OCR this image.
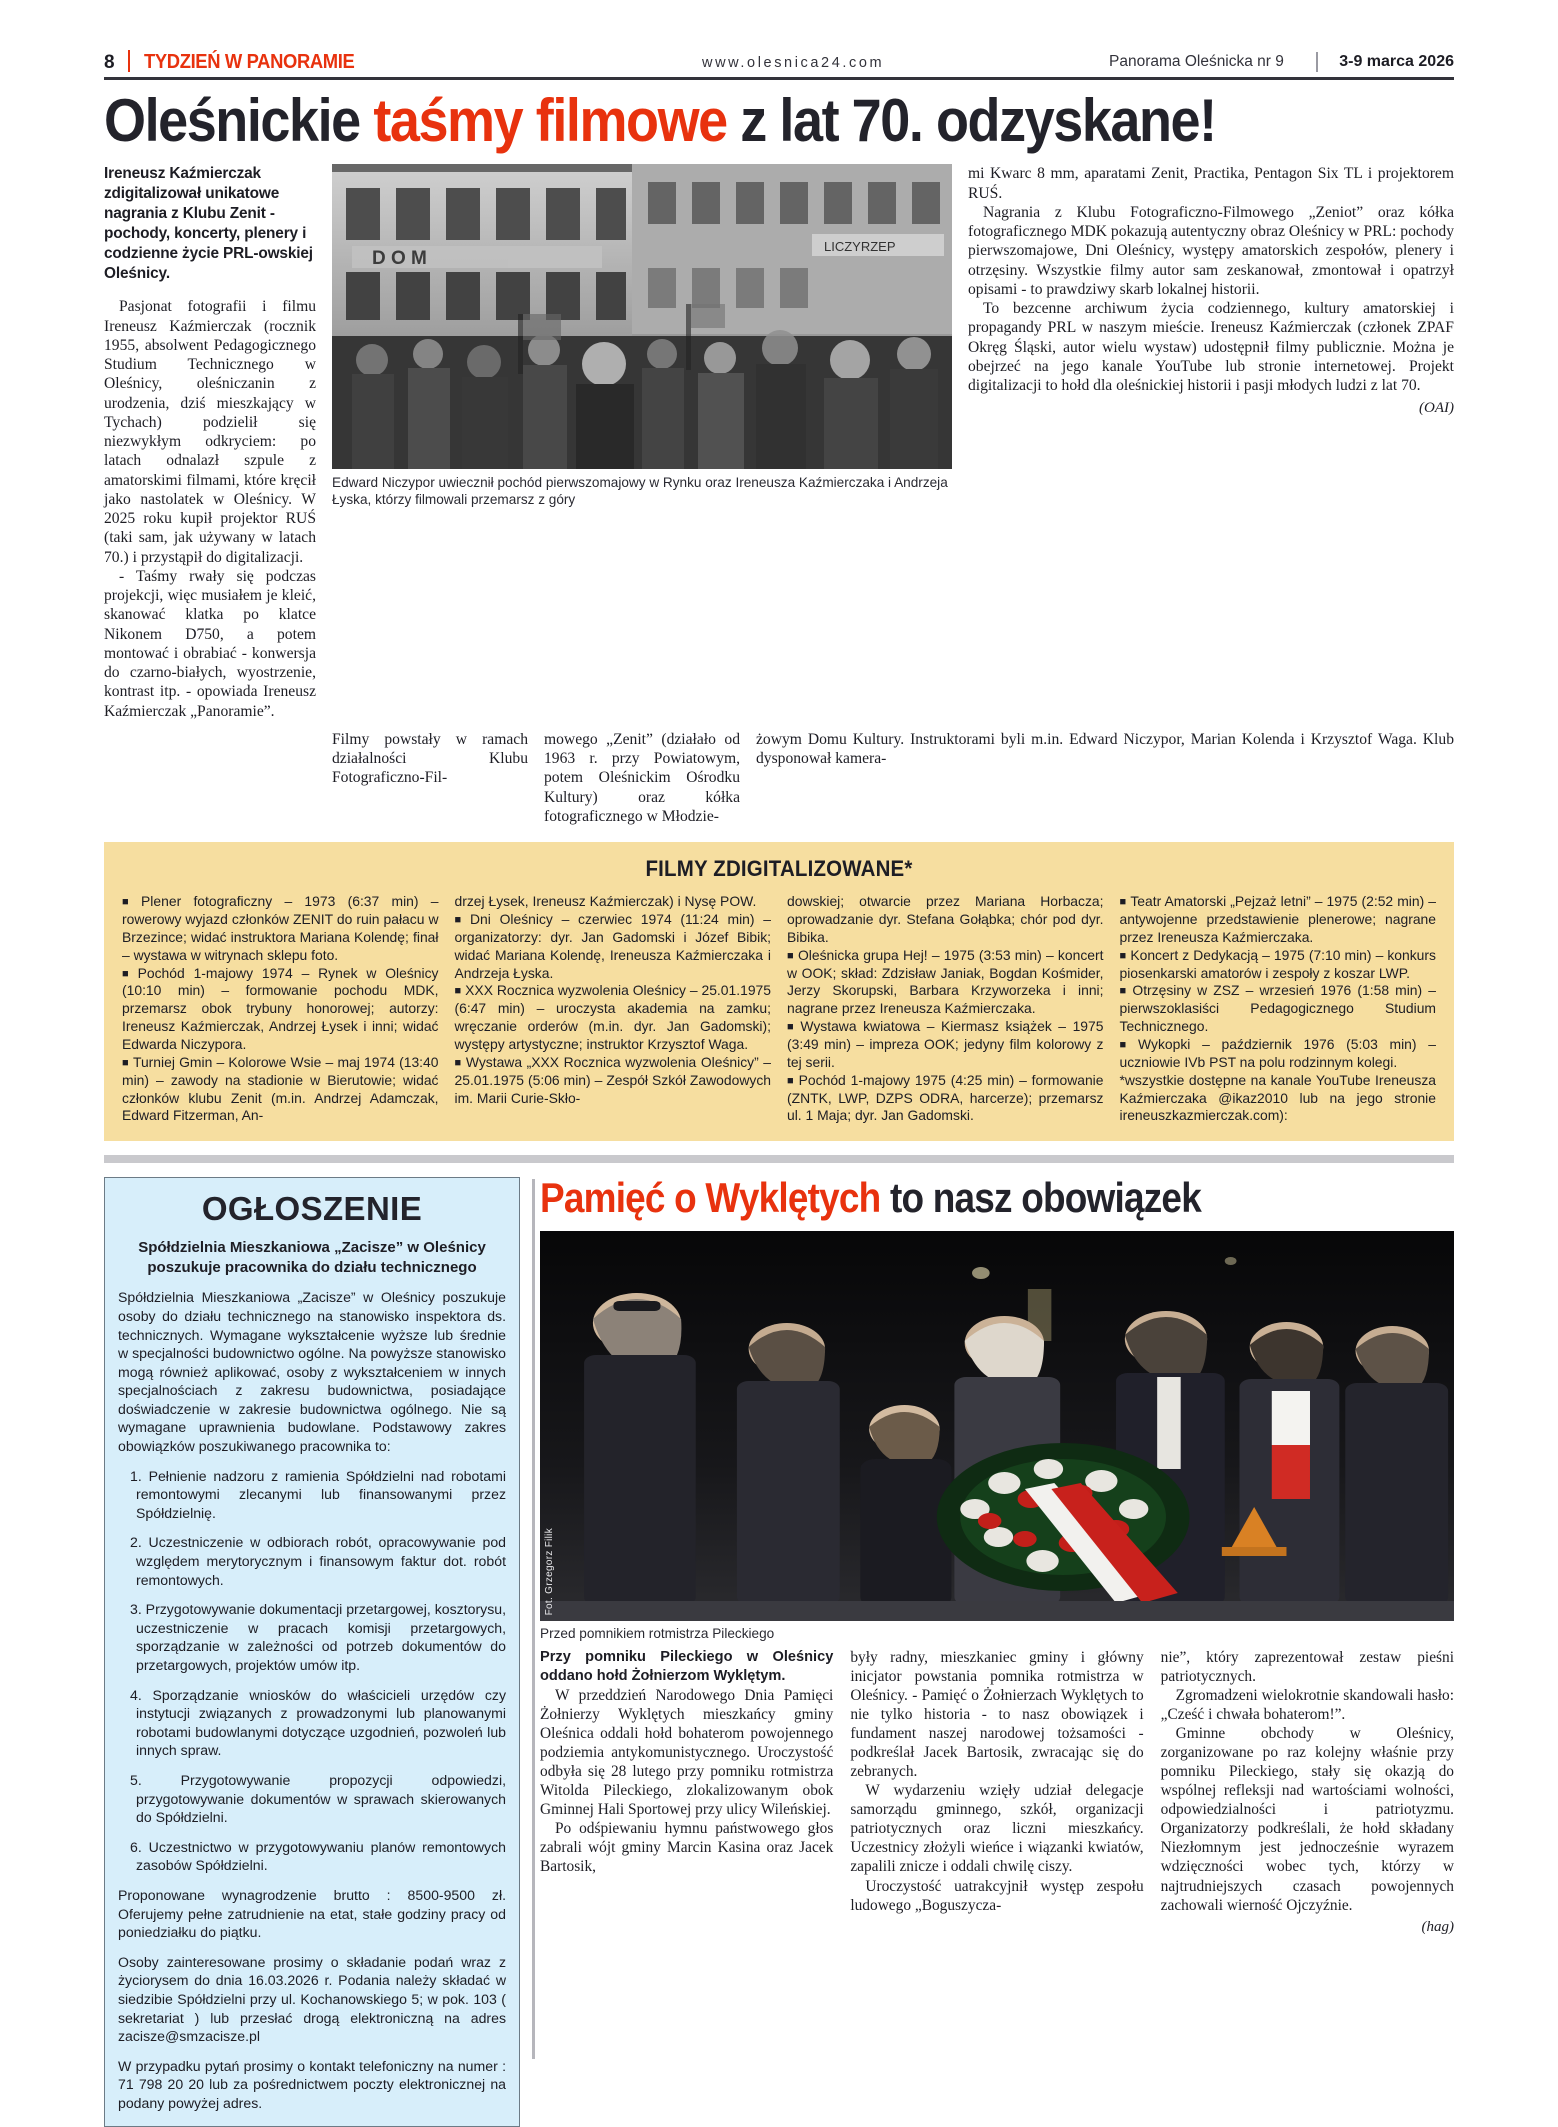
8	TYDZIEŃ W PANORAMIE	www.olesnica24.com	Panorama Oleśnicka nr 9	3-9 marca 2026
Oleśnickie taśmy filmowe z lat 70. odzyskane!
Ireneusz Kaźmierczak zdigitalizował unikatowe nagrania z Klubu Zenit - pochody, koncerty, plenery i codzienne życie PRL-owskiej Oleśnicy.

Pasjonat fotografii i filmu Ireneusz Kaźmierczak (rocznik 1955, absolwent Pedagogicznego Studium Technicznego w Oleśnicy, oleśniczanin z urodzenia, dziś mieszkający w Tychach) podzielił się niezwykłym odkryciem: po latach odnalazł szpule z amatorskimi filmami, które kręcił jako nastolatek w Oleśnicy. W 2025 roku kupił projektor RUŚ (taki sam, jak używany w latach 70.) i przystąpił do digitalizacji.

- Taśmy rwały się podczas projekcji, więc musiałem je kleić, skanować klatka po klatce Nikonem D750, a potem montować i obrabiać - konwersja do czarno-białych, wyostrzenie, kontrast itp. - opowiada Ireneusz Kaźmierczak „Panoramie”.

D O M
LICZYRZEP
Edward Niczypor uwiecznił pochód pierwszomajowy w Rynku oraz Ireneusza Kaźmierczaka i Andrzeja Łyska, którzy filmowali przemarsz z góry

mi Kwarc 8 mm, aparatami Zenit, Practika, Pentagon Six TL i projektorem RUŚ.

Nagrania z Klubu Fotograficzno-Filmowego „Zeniot” oraz kółka fotograficznego MDK pokazują autentyczny obraz Oleśnicy w PRL: pochody pierwszomajowe, Dni Oleśnicy, występy amatorskich zespołów, plenery i otrzęsiny. Wszystkie filmy autor sam zeskanował, zmontował i opatrzył opisami - to prawdziwy skarb lokalnej historii.

To bezcenne archiwum życia codziennego, kultury amatorskiej i propagandy PRL w naszym mieście. Ireneusz Kaźmierczak (członek ZPAF Okręg Śląski, autor wielu wystaw) udostępnił filmy publicznie. Można je obejrzeć na jego kanale YouTube lub stronie internetowej. Projekt digitalizacji to hołd dla oleśnickiej historii i pasji młodych ludzi z lat 70.

(OAI)

Filmy powstały w ramach działalności Klubu Fotograficzno-Fil-

mowego „Zenit” (działało od 1963 r. przy Powiatowym, potem Oleśnickim Ośrodku Kultury) oraz kółka fotograficznego w Młodzie-

żowym Domu Kultury. Instruktorami byli m.in. Edward Niczypor, Marian Kolenda i Krzysztof Waga. Klub dysponował kamera-

FILMY ZDIGITALIZOWANE*

■ Plener fotograficzny – 1973 (6:37 min) – rowerowy wyjazd członków ZENIT do ruin pałacu w Brzezince; widać instruktora Mariana Kolendę; finał – wystawa w witrynach sklepu foto.

■ Pochód 1-majowy 1974 – Rynek w Oleśnicy (10:10 min) – formowanie pochodu MDK, przemarsz obok trybuny honorowej; autorzy: Ireneusz Kaźmierczak, Andrzej Łysek i inni; widać Edwarda Niczypora.

■ Turniej Gmin – Kolorowe Wsie – maj 1974 (13:40 min) – zawody na stadionie w Bierutowie; widać członków klubu Zenit (m.in. Andrzej Adamczak, Edward Fitzerman, An-

drzej Łysek, Ireneusz Kaźmierczak) i Nysę POW.

■ Dni Oleśnicy – czerwiec 1974 (11:24 min) – organizatorzy: dyr. Jan Gadomski i Józef Bibik; widać Mariana Kolendę, Ireneusza Kaźmierczaka i Andrzeja Łyska.

■ XXX Rocznica wyzwolenia Oleśnicy – 25.01.1975 (6:47 min) – uroczysta akademia na zamku; wręczanie orderów (m.in. dyr. Jan Gadomski); występy artystyczne; instruktor Krzysztof Waga.

■ Wystawa „XXX Rocznica wyzwolenia Oleśnicy” – 25.01.1975 (5:06 min) – Zespół Szkół Zawodowych im. Marii Curie-Skło-

dowskiej; otwarcie przez Mariana Horbacza; oprowadzanie dyr. Stefana Gołąbka; chór pod dyr. Bibika.

■ Oleśnicka grupa Hej! – 1975 (3:53 min) – koncert w OOK; skład: Zdzisław Janiak, Bogdan Kośmider, Jerzy Skorupski, Barbara Krzyworzeka i inni; nagrane przez Ireneusza Kaźmierczaka.

■ Wystawa kwiatowa – Kiermasz książek – 1975 (3:49 min) – impreza OOK; jedyny film kolorowy z tej serii.

■ Pochód 1-majowy 1975 (4:25 min) – formowanie (ZNTK, LWP, DZPS ODRA, harcerze); przemarsz ul. 1 Maja; dyr. Jan Gadomski.

■ Teatr Amatorski „Pejzaż letni” – 1975 (2:52 min) – antywojenne przedstawienie plenerowe; nagrane przez Ireneusza Kaźmierczaka.

■ Koncert z Dedykacją – 1975 (7:10 min) – konkurs piosenkarski amatorów i zespoły z koszar LWP.

■ Otrzęsiny w ZSZ – wrzesień 1976 (1:58 min) – pierwszoklasiści Pedagogicznego Studium Technicznego.

■ Wykopki – październik 1976 (5:03 min) – uczniowie IVb PST na polu rodzinnym kolegi.

*wszystkie dostępne na kanale YouTube Ireneusza Kaźmierczaka @ikaz2010 lub na jego stronie ireneuszkazmierczak.com):

OGŁOSZENIE
Spółdzielnia Mieszkaniowa „Zacisze” w Oleśnicy
poszukuje pracownika do działu technicznego

Spółdzielnia Mieszkaniowa „Zacisze” w Oleśnicy poszukuje osoby do działu technicznego na stanowisko inspektora ds. technicznych. Wymagane wykształcenie wyższe lub średnie w specjalności budownictwo ogólne. Na powyższe stanowisko mogą również aplikować, osoby z wykształceniem w innych specjalnościach z zakresu budownictwa, posiadające doświadczenie w zakresie budownictwa ogólnego. Nie są wymagane uprawnienia budowlane. Podstawowy zakres obowiązków poszukiwanego pracownika to:

1. Pełnienie nadzoru z ramienia Spółdzielni nad robotami remontowymi zlecanymi lub finansowanymi przez Spółdzielnię.

2. Uczestniczenie w odbiorach robót, opracowywanie pod względem merytorycznym i finansowym faktur dot. robót remontowych.

3. Przygotowywanie dokumentacji przetargowej, kosztorysu, uczestniczenie w pracach komisji przetargowych, sporządzanie w zależności od potrzeb dokumentów do przetargowych, projektów umów itp.

4. Sporządzanie wniosków do właścicieli urzędów czy instytucji związanych z prowadzonymi lub planowanymi robotami budowlanymi dotyczące uzgodnień, pozwoleń lub innych spraw.

5. Przygotowywanie propozycji odpowiedzi, przygotowywanie dokumentów w sprawach skierowanych do Spółdzielni.

6. Uczestnictwo w przygotowywaniu planów remontowych zasobów Spółdzielni.

Proponowane wynagrodzenie brutto : 8500-9500 zł. Oferujemy pełne zatrudnienie na etat, stałe godziny pracy od poniedziałku do piątku.

Osoby zainteresowane prosimy o składanie podań wraz z życiorysem do dnia 16.03.2026 r. Podania należy składać w siedzibie Spółdzielni przy ul. Kochanowskiego 5; w pok. 103 ( sekretariat ) lub przesłać drogą elektroniczną na adres zacisze@smzacisze.pl

W przypadku pytań prosimy o kontakt telefoniczny na numer : 71 798 20 20 lub za pośrednictwem poczty elektronicznej na podany powyżej adres.

Pamięć o Wyklętych to nasz obowiązek
Fot. Grzegorz Filik
Przed pomnikiem rotmistrza Pileckiego

Przy pomniku Pileckiego w Oleśnicy oddano hołd Żołnierzom Wyklętym.

W przeddzień Narodowego Dnia Pamięci Żołnierzy Wyklętych mieszkańcy gminy Oleśnica oddali hołd bohaterom powojennego podziemia antykomunistycznego. Uroczystość odbyła się 28 lutego przy pomniku rotmistrza Witolda Pileckiego, zlokalizowanym obok Gminnej Hali Sportowej przy ulicy Wileńskiej.

Po odśpiewaniu hymnu państwowego głos zabrali wójt gminy Marcin Kasina oraz Jacek Bartosik,

były radny, mieszkaniec gminy i główny inicjator powstania pomnika rotmistrza w Oleśnicy. - Pamięć o Żołnierzach Wyklętych to nie tylko historia - to nasz obowiązek i fundament naszej narodowej tożsamości - podkreślał Jacek Bartosik, zwracając się do zebranych.

W wydarzeniu wzięły udział delegacje samorządu gminnego, szkół, organizacji patriotycznych oraz liczni mieszkańcy. Uczestnicy złożyli wieńce i wiązanki kwiatów, zapalili znicze i oddali chwilę ciszy.

Uroczystość uatrakcyjnił występ zespołu ludowego „Boguszycza-

nie”, który zaprezentował zestaw pieśni patriotycznych.

Zgromadzeni wielokrotnie skandowali hasło: „Cześć i chwała bohaterom!”.

Gminne obchody w Oleśnicy, zorganizowane po raz kolejny właśnie przy pomniku Pileckiego, stały się okazją do wspólnej refleksji nad wartościami wolności, odpowiedzialności i patriotyzmu. Organizatorzy podkreślali, że hołd składany Niezłomnym jest jednocześnie wyrazem wdzięczności wobec tych, którzy w najtrudniejszych czasach powojennych zachowali wierność Ojczyźnie.

(hag)
